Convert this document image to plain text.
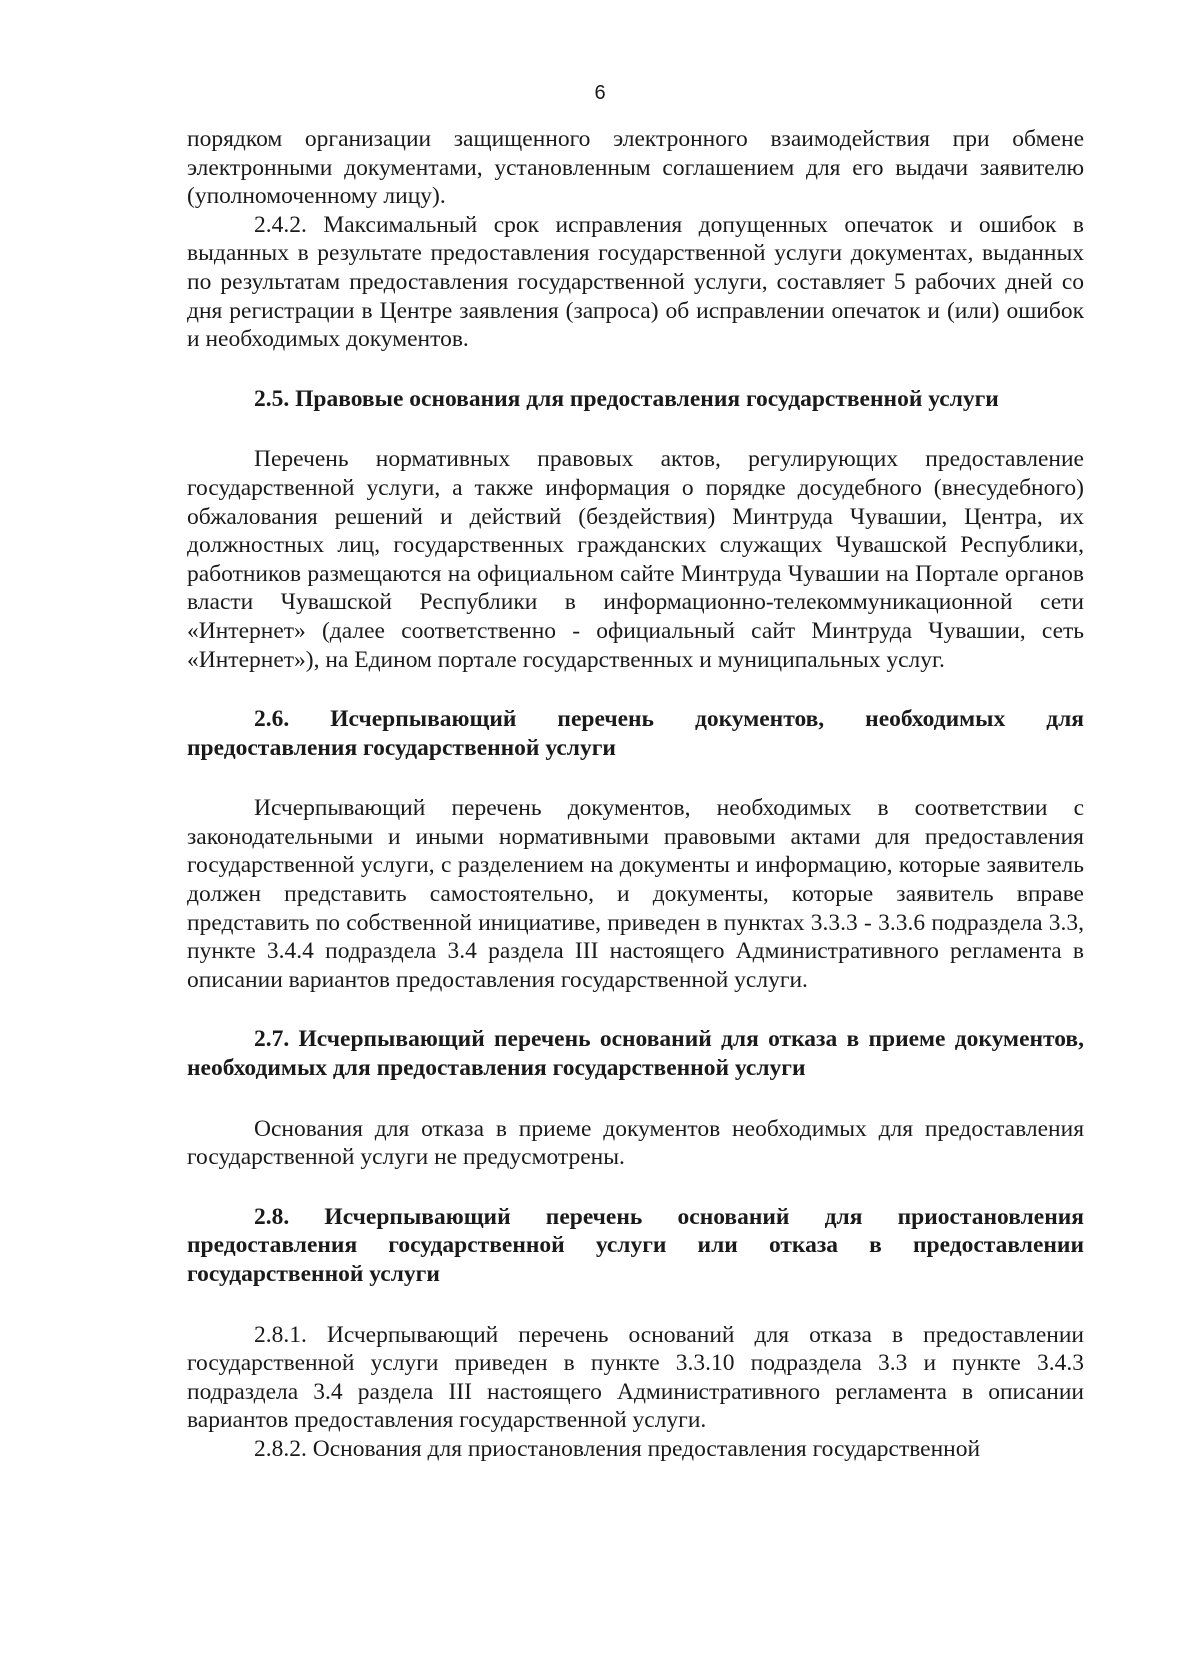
6

порядком организации защищенного электронного взаимодействия при обмене электронными документами, установленным соглашением для его выдачи заявителю (уполномоченному лицу).

2.4.2. Максимальный срок исправления допущенных опечаток и ошибок в выданных в результате предоставления государственной услуги документах, выданных по результатам предоставления государственной услуги, составляет 5 рабочих дней со дня регистрации в Центре заявления (запроса) об исправлении опечаток и (или) ошибок и необходимых документов.

2.5. Правовые основания для предоставления государственной услуги

Перечень нормативных правовых актов, регулирующих предоставление государственной услуги, а также информация о порядке досудебного (внесудебного) обжалования решений и действий (бездействия) Минтруда Чувашии, Центра, их должностных лиц, государственных гражданских служащих Чувашской Республики, работников размещаются на официальном сайте Минтруда Чувашии на Портале органов власти Чувашской Республики в информационно-телекоммуникационной сети «Интернет» (далее соответственно - официальный сайт Минтруда Чувашии, сеть «Интернет»), на Едином портале государственных и муниципальных услуг.

2.6. Исчерпывающий перечень документов, необходимых для предоставления государственной услуги

Исчерпывающий перечень документов, необходимых в соответствии с законодательными и иными нормативными правовыми актами для предоставления государственной услуги, с разделением на документы и информацию, которые заявитель должен представить самостоятельно, и документы, которые заявитель вправе представить по собственной инициативе, приведен в пунктах 3.3.3 - 3.3.6 подраздела 3.3, пункте 3.4.4 подраздела 3.4 раздела III настоящего Административного регламента в описании вариантов предоставления государственной услуги.

2.7. Исчерпывающий перечень оснований для отказа в приеме документов, необходимых для предоставления государственной услуги

Основания для отказа в приеме документов необходимых для предоставления государственной услуги не предусмотрены.

2.8. Исчерпывающий перечень оснований для приостановления предоставления государственной услуги или отказа в предоставлении государственной услуги

2.8.1. Исчерпывающий перечень оснований для отказа в предоставлении государственной услуги приведен в пункте 3.3.10 подраздела 3.3 и пункте 3.4.3 подраздела 3.4 раздела III настоящего Административного регламента в описании вариантов предоставления государственной услуги.

2.8.2. Основания для приостановления предоставления государственной
